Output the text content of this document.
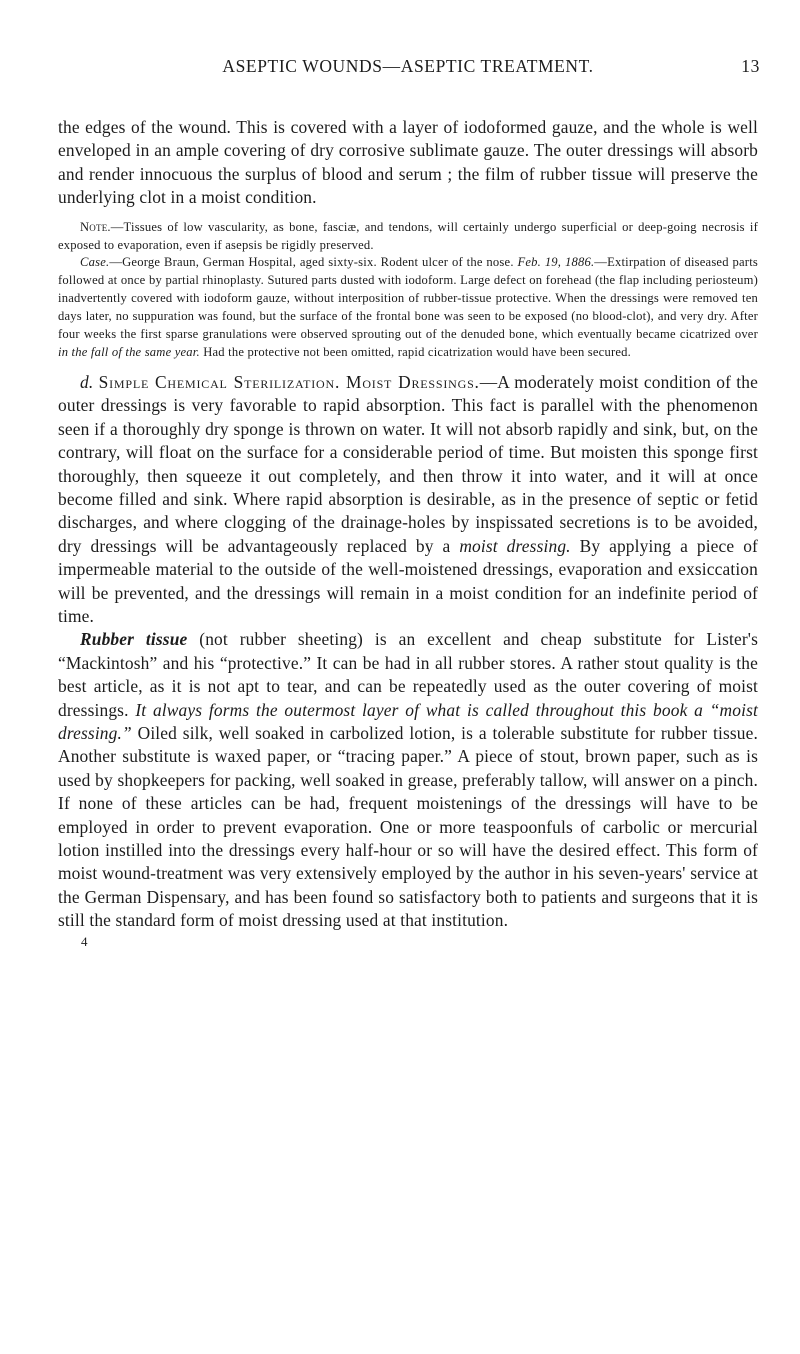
ASEPTIC WOUNDS—ASEPTIC TREATMENT.	13

the edges of the wound. This is covered with a layer of iodoformed gauze, and the whole is well enveloped in an ample covering of dry corrosive sublimate gauze. The outer dressings will absorb and render innocuous the surplus of blood and serum ; the film of rubber tissue will preserve the underlying clot in a moist condition.

Note.—Tissues of low vascularity, as bone, fasciæ, and tendons, will certainly undergo superficial or deep-going necrosis if exposed to evaporation, even if asepsis be rigidly preserved.

Case.—George Braun, German Hospital, aged sixty-six. Rodent ulcer of the nose. Feb. 19, 1886.—Extirpation of diseased parts followed at once by partial rhinoplasty. Sutured parts dusted with iodoform. Large defect on forehead (the flap including periosteum) inadvertently covered with iodoform gauze, without interposition of rubber-tissue protective. When the dressings were removed ten days later, no suppuration was found, but the surface of the frontal bone was seen to be exposed (no blood-clot), and very dry. After four weeks the first sparse granulations were observed sprouting out of the denuded bone, which eventually became cicatrized over in the fall of the same year. Had the protective not been omitted, rapid cicatrization would have been secured.

d. Simple Chemical Sterilization. Moist Dressings.—A moderately moist condition of the outer dressings is very favorable to rapid absorption. This fact is parallel with the phenomenon seen if a thoroughly dry sponge is thrown on water. It will not absorb rapidly and sink, but, on the contrary, will float on the surface for a considerable period of time. But moisten this sponge first thoroughly, then squeeze it out completely, and then throw it into water, and it will at once become filled and sink. Where rapid absorption is desirable, as in the presence of septic or fetid discharges, and where clogging of the drainage-holes by inspissated secretions is to be avoided, dry dressings will be advantageously replaced by a moist dressing. By applying a piece of impermeable material to the outside of the well-moistened dressings, evaporation and exsiccation will be prevented, and the dressings will remain in a moist condition for an indefinite period of time.

Rubber tissue (not rubber sheeting) is an excellent and cheap substitute for Lister's “Mackintosh” and his “protective.” It can be had in all rubber stores. A rather stout quality is the best article, as it is not apt to tear, and can be repeatedly used as the outer covering of moist dressings. It always forms the outermost layer of what is called throughout this book a “moist dressing.” Oiled silk, well soaked in carbolized lotion, is a tolerable substitute for rubber tissue. Another substitute is waxed paper, or “tracing paper.” A piece of stout, brown paper, such as is used by shopkeepers for packing, well soaked in grease, preferably tallow, will answer on a pinch. If none of these articles can be had, frequent moistenings of the dressings will have to be employed in order to prevent evaporation. One or more teaspoonfuls of carbolic or mercurial lotion instilled into the dressings every half-hour or so will have the desired effect. This form of moist wound-treatment was very extensively employed by the author in his seven-years' service at the German Dispensary, and has been found so satisfactory both to patients and surgeons that it is still the standard form of moist dressing used at that institution.

4
